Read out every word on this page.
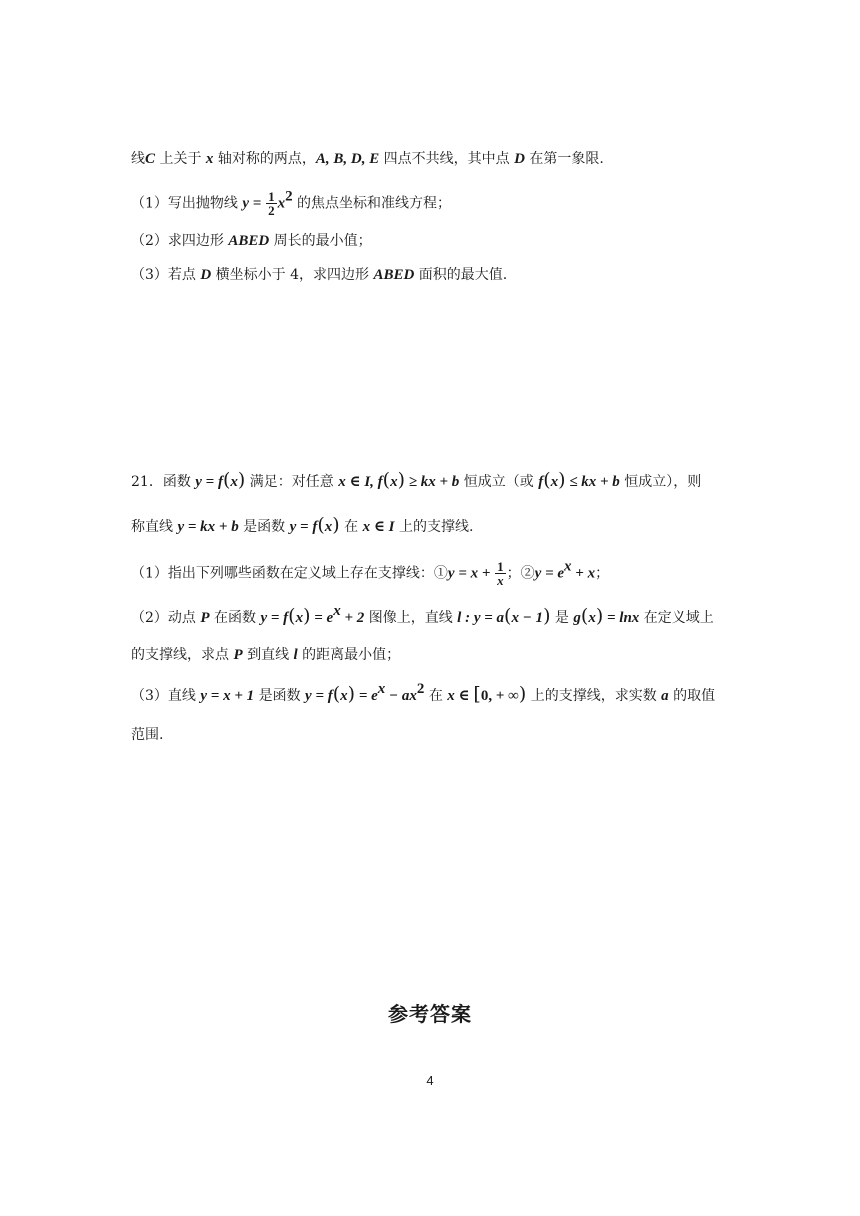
线C 上关于 x 轴对称的两点，A, B, D, E 四点不共线，其中点 D 在第一象限.
（1）写出抛物线 $y = \frac{1}{2} x^2$ 的焦点坐标和准线方程；
（2）求四边形 ABED 周长的最小值；
（3）若点 D 横坐标小于 4，求四边形 ABED 面积的最大值.
21．函数 y = f(x) 满足：对任意 x ∈ I, f(x) ≥ kx + b 恒成立（或 f(x) ≤ kx + b 恒成立），则
称直线 y = kx + b 是函数 y = f(x) 在 x ∈ I 上的支撑线.
（1）指出下列哪些函数在定义域上存在支撑线：①y = $x + \frac{1}{x}$ ；②y = $e^x + x$；
（2）动点 P 在函数 $y = f(x) = e^x + 2$ 图像上，直线 l : y = a(x − 1) 是 g(x) = lnx 在定义域上
的支撑线，求点 P 到直线 l 的距离最小值；
（3）直线 y = x + 1 是函数 $y = f(x) = e^x - ax^2$ 在 x ∈ [0, + ∞) 上的支撑线，求实数 a 的取值
范围.
参考答案
4
